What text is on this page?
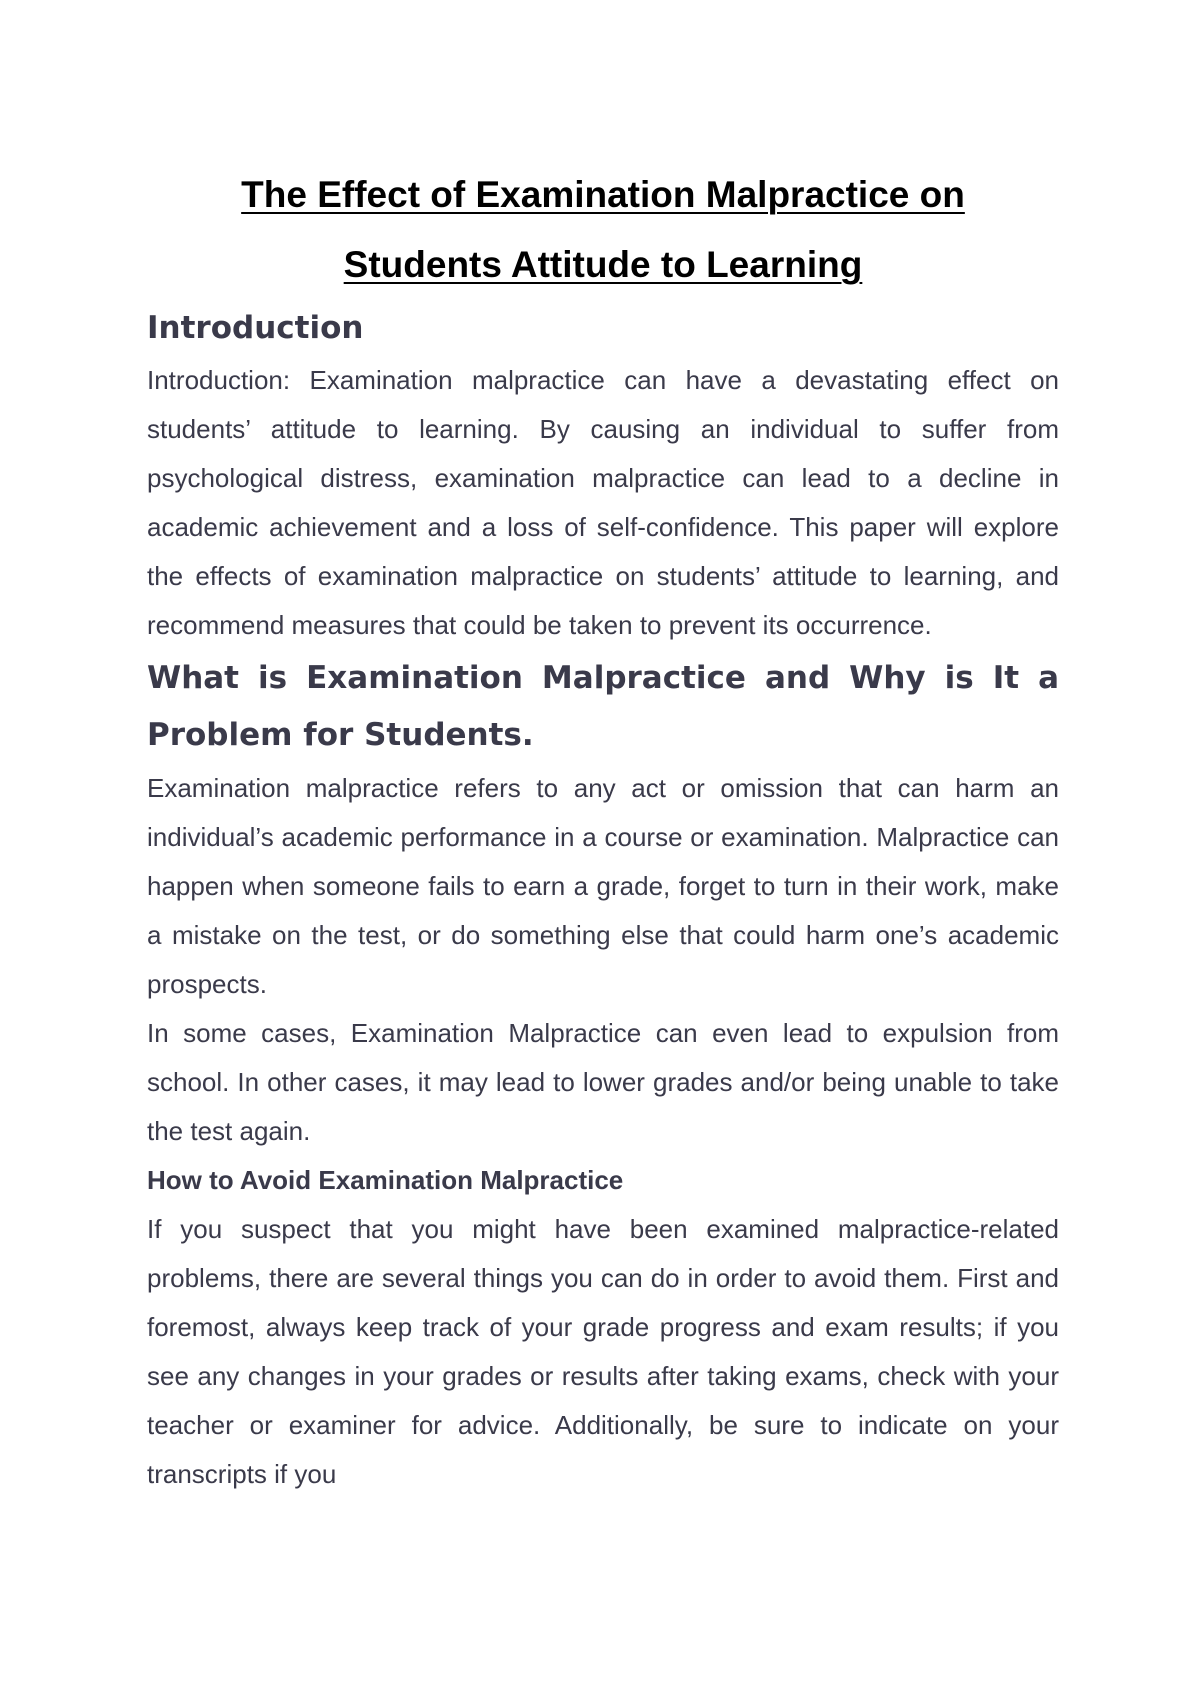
The Effect of Examination Malpractice on
Students Attitude to Learning
Introduction

Introduction: Examination malpractice can have a devastating effect on students’ attitude to learning. By causing an individual to suffer from psychological distress, examination malpractice can lead to a decline in academic achievement and a loss of self-confidence. This paper will explore the effects of examination malpractice on students’ attitude to learning, and recommend measures that could be taken to prevent its occurrence.

What is Examination Malpractice and Why is It a Problem for Students.

Examination malpractice refers to any act or omission that can harm an individual’s academic performance in a course or examination. Malpractice can happen when someone fails to earn a grade, forget to turn in their work, make a mistake on the test, or do something else that could harm one’s academic prospects.

In some cases, Examination Malpractice can even lead to expulsion from school. In other cases, it may lead to lower grades and/or being unable to take the test again.

How to Avoid Examination Malpractice

If you suspect that you might have been examined malpractice-related problems, there are several things you can do in order to avoid them. First and foremost, always keep track of your grade progress and exam results; if you see any changes in your grades or results after taking exams, check with your teacher or examiner for advice. Additionally, be sure to indicate on your transcripts if you
